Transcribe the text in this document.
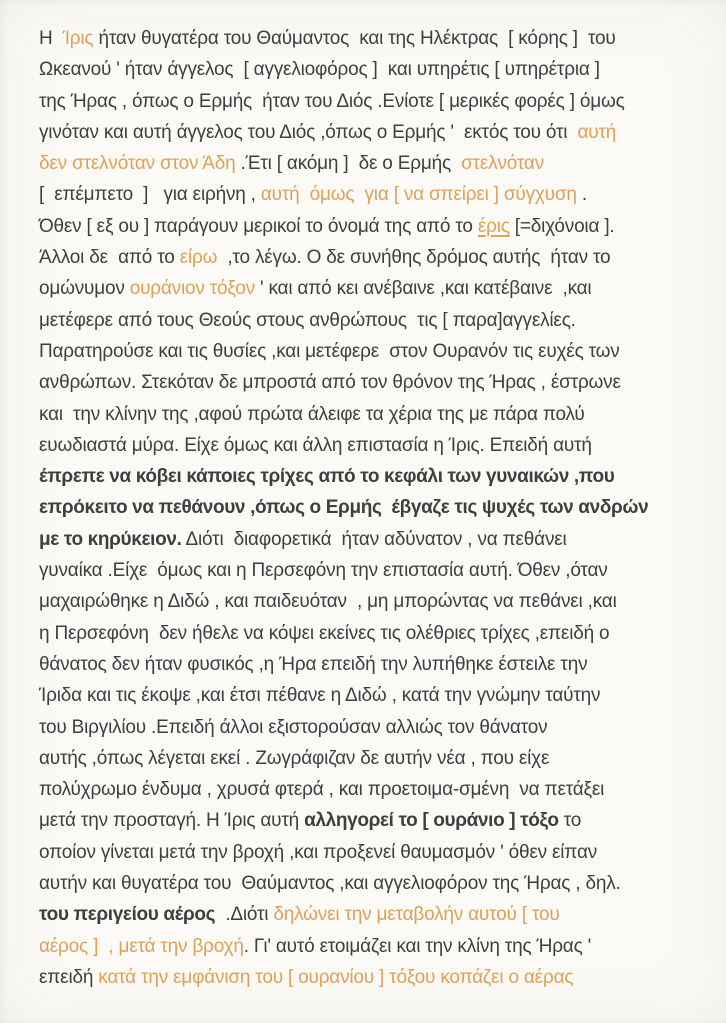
Η  Ίρις ήταν θυγατέρα του Θαύμαντος  και της Ηλέκτρας  [ κόρης ]  του
Ωκεανού ' ήταν άγγελος  [ αγγελιοφόρος ]  και υπηρέτις [ υπηρέτρια ]
της Ήρας , όπως ο Ερμής  ήταν του Διός .Ενίοτε [ μερικές φορές ] όμως
γινόταν και αυτή άγγελος του Διός ,όπως ο Ερμής '  εκτός του ότι  αυτή
δεν στελνόταν στον Άδη .Έτι [ ακόμη ]  δε ο Ερμής  στελνόταν
[  επέμπετο  ]   για ειρήνη , αυτή  όμως  για [ να σπείρει ] σύγχυση .
Όθεν [ εξ ου ] παράγουν μερικοί το όνομά της από το έρις [=διχόνοια ].
Άλλοι δε  από το είρω  ,το λέγω. Ο δε συνήθης δρόμος αυτής  ήταν το
ομώνυμον ουράνιον τόξον ' και από κει ανέβαινε ,και κατέβαινε  ,και
μετέφερε από τους Θεούς στους ανθρώπους  τις [ παρα]αγγελίες.
Παρατηρούσε και τις θυσίες ,και μετέφερε  στον Ουρανόν τις ευχές των
ανθρώπων. Στεκόταν δε μπροστά από τον θρόνον της Ήρας , έστρωνε
και  την κλίνην της ,αφού πρώτα άλειφε τα χέρια της με πάρα πολύ
ευωδιαστά μύρα. Είχε όμως και άλλη επιστασία η Ίρις. Επειδή αυτή
έπρεπε να κόβει κάποιες τρίχες από το κεφάλι των γυναικών ,που
επρόκειτο να πεθάνουν ,όπως ο Ερμής  έβγαζε τις ψυχές των ανδρών
με το κηρύκειον. Διότι  διαφορετικά  ήταν αδύνατον , να πεθάνει
γυναίκα .Είχε  όμως και η Περσεφόνη την επιστασία αυτή. Όθεν ,όταν
μαχαιρώθηκε η Διδώ , και παιδευόταν  , μη μπορώντας να πεθάνει ,και
η Περσεφόνη  δεν ήθελε να κόψει εκείνες τις ολέθριες τρίχες ,επειδή ο
θάνατος δεν ήταν φυσικός ,η Ήρα επειδή την λυπήθηκε έστειλε την
Ίριδα και τις έκοψε ,και έτσι πέθανε η Διδώ , κατά την γνώμην ταύτην
του Βιργιλίου .Επειδή άλλοι εξιστορούσαν αλλιώς τον θάνατον
αυτής ,όπως λέγεται εκεί . Ζωγράφιζαν δε αυτήν νέα , που είχε
πολύχρωμο ένδυμα , χρυσά φτερά , και προετοιμα-σμένη  να πετάξει
μετά την προσταγή. Η Ίρις αυτή αλληγορεί το [ ουράνιο ] τόξο το
οποίον γίνεται μετά την βροχή ,και προξενεί θαυμασμόν ' όθεν είπαν
αυτήν και θυγατέρα του  Θαύμαντος ,και αγγελιοφόρον της Ήρας , δηλ.
του περιγείου αέρος  .Διότι δηλώνει την μεταβολήν αυτού [ του
αέρος ]  , μετά την βροχή. Γι' αυτό ετοιμάζει και την κλίνη της Ήρας '
επειδή κατά την εμφάνιση του [ ουρανίου ] τόξου κοπάζει ο αέρας
